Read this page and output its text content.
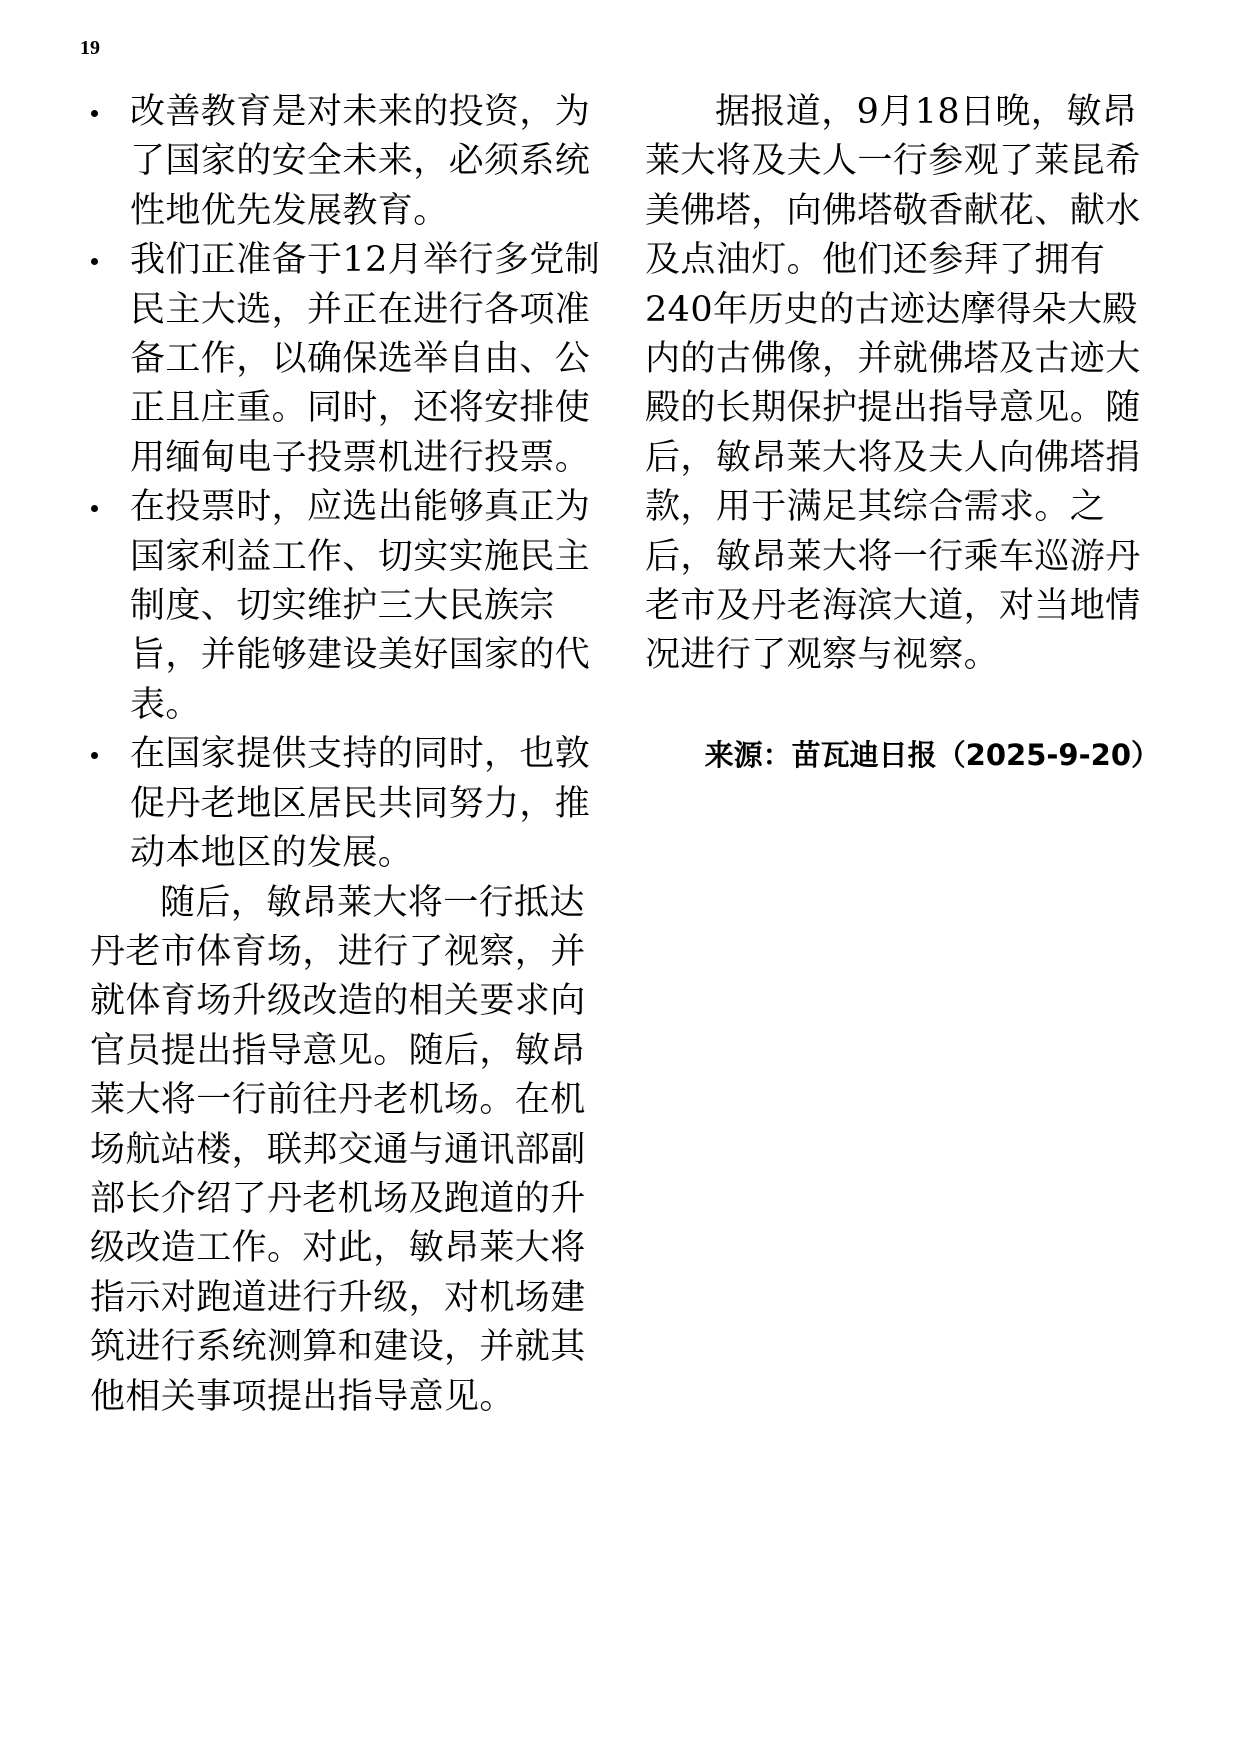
19
改善教育是对未来的投资，为了国家的安全未来，必须系统性地优先发展教育。
我们正准备于12月举行多党制民主大选，并正在进行各项准备工作，以确保选举自由、公正且庄重。同时，还将安排使用缅甸电子投票机进行投票。
在投票时，应选出能够真正为国家利益工作、切实实施民主制度、切实维护三大民族宗旨，并能够建设美好国家的代表。
在国家提供支持的同时，也敦促丹老地区居民共同努力，推动本地区的发展。

随后，敏昂莱大将一行抵达丹老市体育场，进行了视察，并就体育场升级改造的相关要求向官员提出指导意见。随后，敏昂莱大将一行前往丹老机场。在机场航站楼，联邦交通与通讯部副部长介绍了丹老机场及跑道的升级改造工作。对此，敏昂莱大将指示对跑道进行升级，对机场建筑进行系统测算和建设，并就其他相关事项提出指导意见。

据报道，9月18日晚，敏昂莱大将及夫人一行参观了莱昆希美佛塔，向佛塔敬香献花、献水及点油灯。他们还参拜了拥有240年历史的古迹达摩得朵大殿内的古佛像，并就佛塔及古迹大殿的长期保护提出指导意见。随后，敏昂莱大将及夫人向佛塔捐款，用于满足其综合需求。之后，敏昂莱大将一行乘车巡游丹老市及丹老海滨大道，对当地情况进行了观察与视察。

来源：苗瓦迪日报（2025-9-20）
